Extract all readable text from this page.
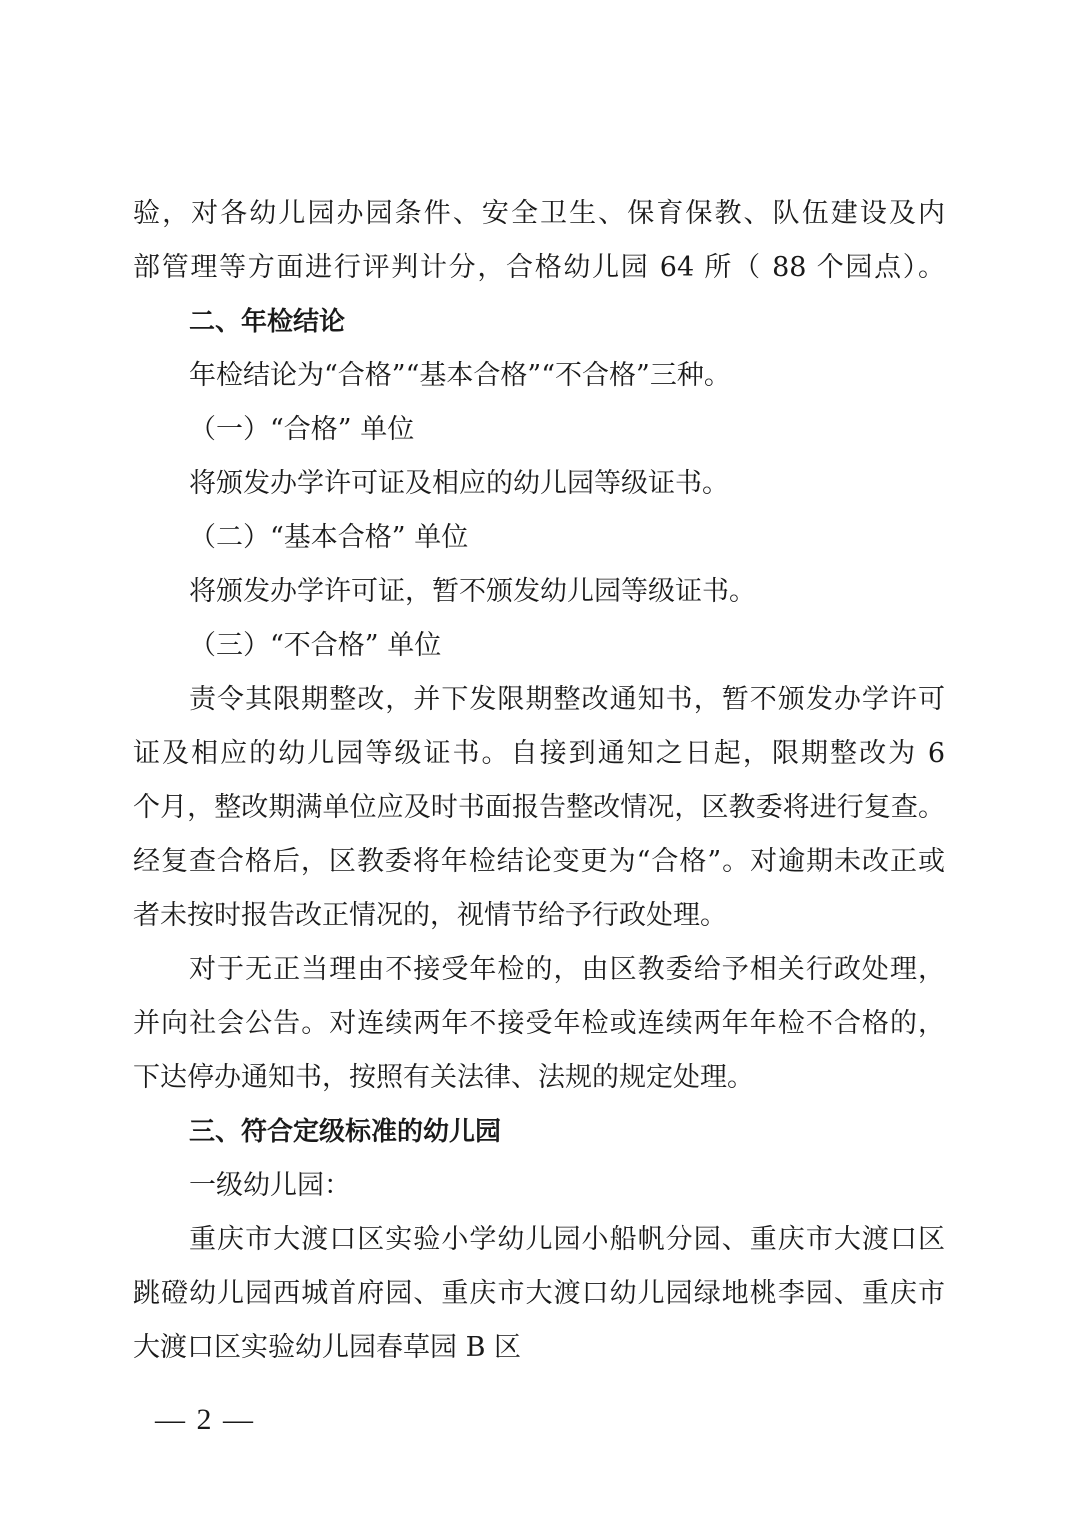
验，对各幼儿园办园条件、安全卫生、保育保教、队伍建设及内
部管理等方面进行评判计分，合格幼儿园 64 所（ 88 个园点）。
二、年检结论
年检结论为“合格”“基本合格”“不合格”三种。
（一）“合格” 单位
将颁发办学许可证及相应的幼儿园等级证书。
（二）“基本合格” 单位
将颁发办学许可证，暂不颁发幼儿园等级证书。
（三）“不合格” 单位
责令其限期整改，并下发限期整改通知书，暂不颁发办学许可
证及相应的幼儿园等级证书。自接到通知之日起，限期整改为 6
个月，整改期满单位应及时书面报告整改情况，区教委将进行复查。
经复查合格后，区教委将年检结论变更为“合格”。对逾期未改正或
者未按时报告改正情况的，视情节给予行政处理。
对于无正当理由不接受年检的，由区教委给予相关行政处理，
并向社会公告。对连续两年不接受年检或连续两年年检不合格的，
下达停办通知书，按照有关法律、法规的规定处理。
三、符合定级标准的幼儿园
一级幼儿园：
重庆市大渡口区实验小学幼儿园小船帆分园、重庆市大渡口区
跳磴幼儿园西城首府园、重庆市大渡口幼儿园绿地桃李园、重庆市
大渡口区实验幼儿园春草园 B 区
— 2 —
